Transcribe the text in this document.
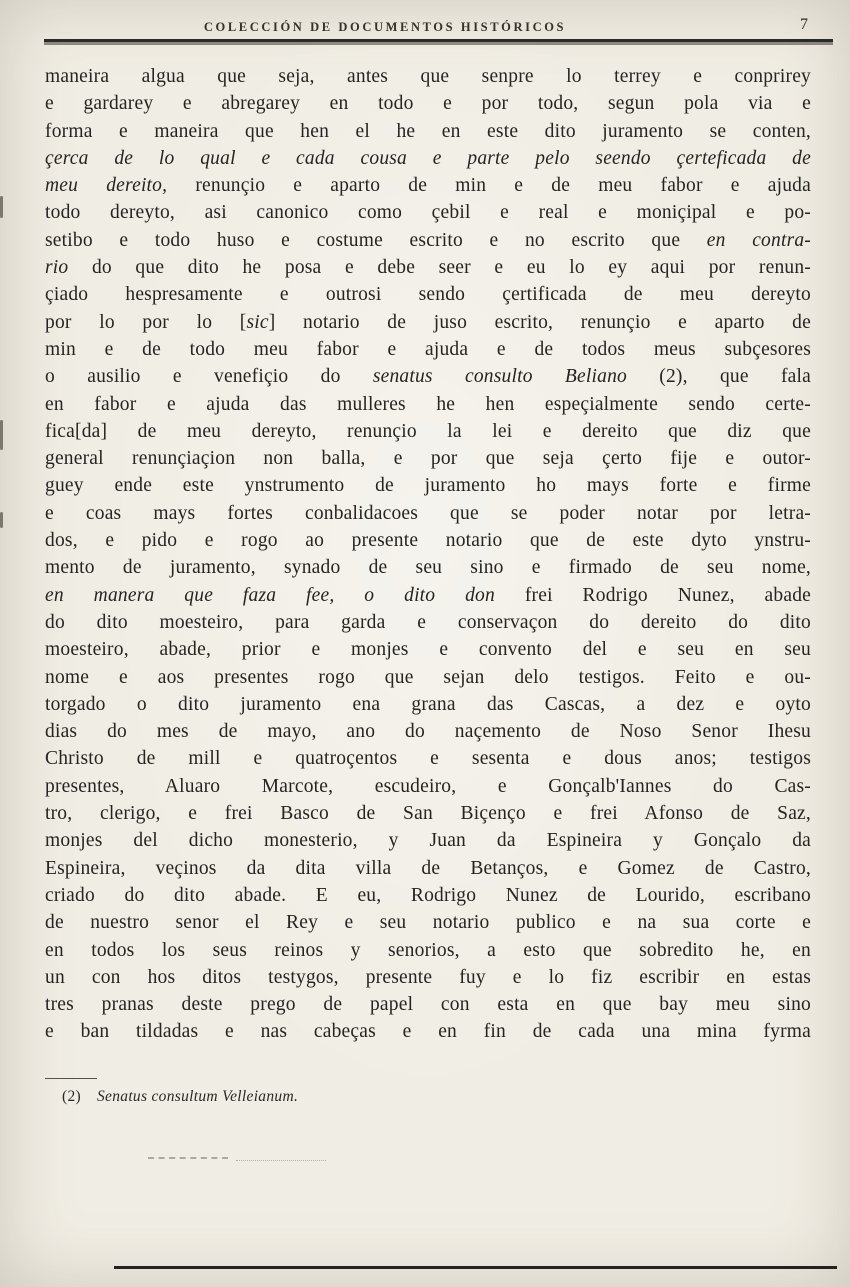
COLECCIÓN DE DOCUMENTOS HISTÓRICOS	7
maneira algua que seja, antes que senpre lo terrey e conprirey
e gardarey e abregarey en todo e por todo, segun pola via e
forma e maneira que hen el he en este dito juramento se conten,
çerca de lo qual e cada cousa e parte pelo seendo çerteficada de
meu dereito, renunçio e aparto de min e de meu fabor e ajuda
todo dereyto, asi canonico como çebil e real e moniçipal e po-
setibo e todo huso e costume escrito e no escrito que en contra-
rio do que dito he posa e debe seer e eu lo ey aqui por renun-
çiado hespresamente e outrosi sendo çertificada de meu dereyto
por lo por lo [sic] notario de juso escrito, renunçio e aparto de
min e de todo meu fabor e ajuda e de todos meus subçesores
o ausilio e venefiçio do senatus consulto Beliano (2), que fala
en fabor e ajuda das mulleres he hen espeçialmente sendo certe-
fica[da] de meu dereyto, renunçio la lei e dereito que diz que
general renunçiaçion non balla, e por que seja çerto fije e outor-
guey ende este ynstrumento de juramento ho mays forte e firme
e coas mays fortes conbalidacoes que se poder notar por letra-
dos, e pido e rogo ao presente notario que de este dyto ynstru-
mento de juramento, synado de seu sino e firmado de seu nome,
en manera que faza fee, o dito don frei Rodrigo Nunez, abade
do dito moesteiro, para garda e conservaçon do dereito do dito
moesteiro, abade, prior e monjes e convento del e seu en seu
nome e aos presentes rogo que sejan delo testigos. Feito e ou-
torgado o dito juramento ena grana das Cascas, a dez e oyto
dias do mes de mayo, ano do naçemento de Noso Senor Ihesu
Christo de mill e quatroçentos e sesenta e dous anos; testigos
presentes, Aluaro Marcote, escudeiro, e Gonçalb'Iannes do Cas-
tro, clerigo, e frei Basco de San Biçenço e frei Afonso de Saz,
monjes del dicho monesterio, y Juan da Espineira y Gonçalo da
Espineira, veçinos da dita villa de Betanços, e Gomez de Castro,
criado do dito abade. E eu, Rodrigo Nunez de Lourido, escribano
de nuestro senor el Rey e seu notario publico e na sua corte e
en todos los seus reinos y senorios, a esto que sobredito he, en
un con hos ditos testygos, presente fuy e lo fiz escribir en estas
tres pranas deste prego de papel con esta en que bay meu sino
e ban tildadas e nas cabeças e en fin de cada una mina fyrma
(2) Senatus consultum Velleianum.
